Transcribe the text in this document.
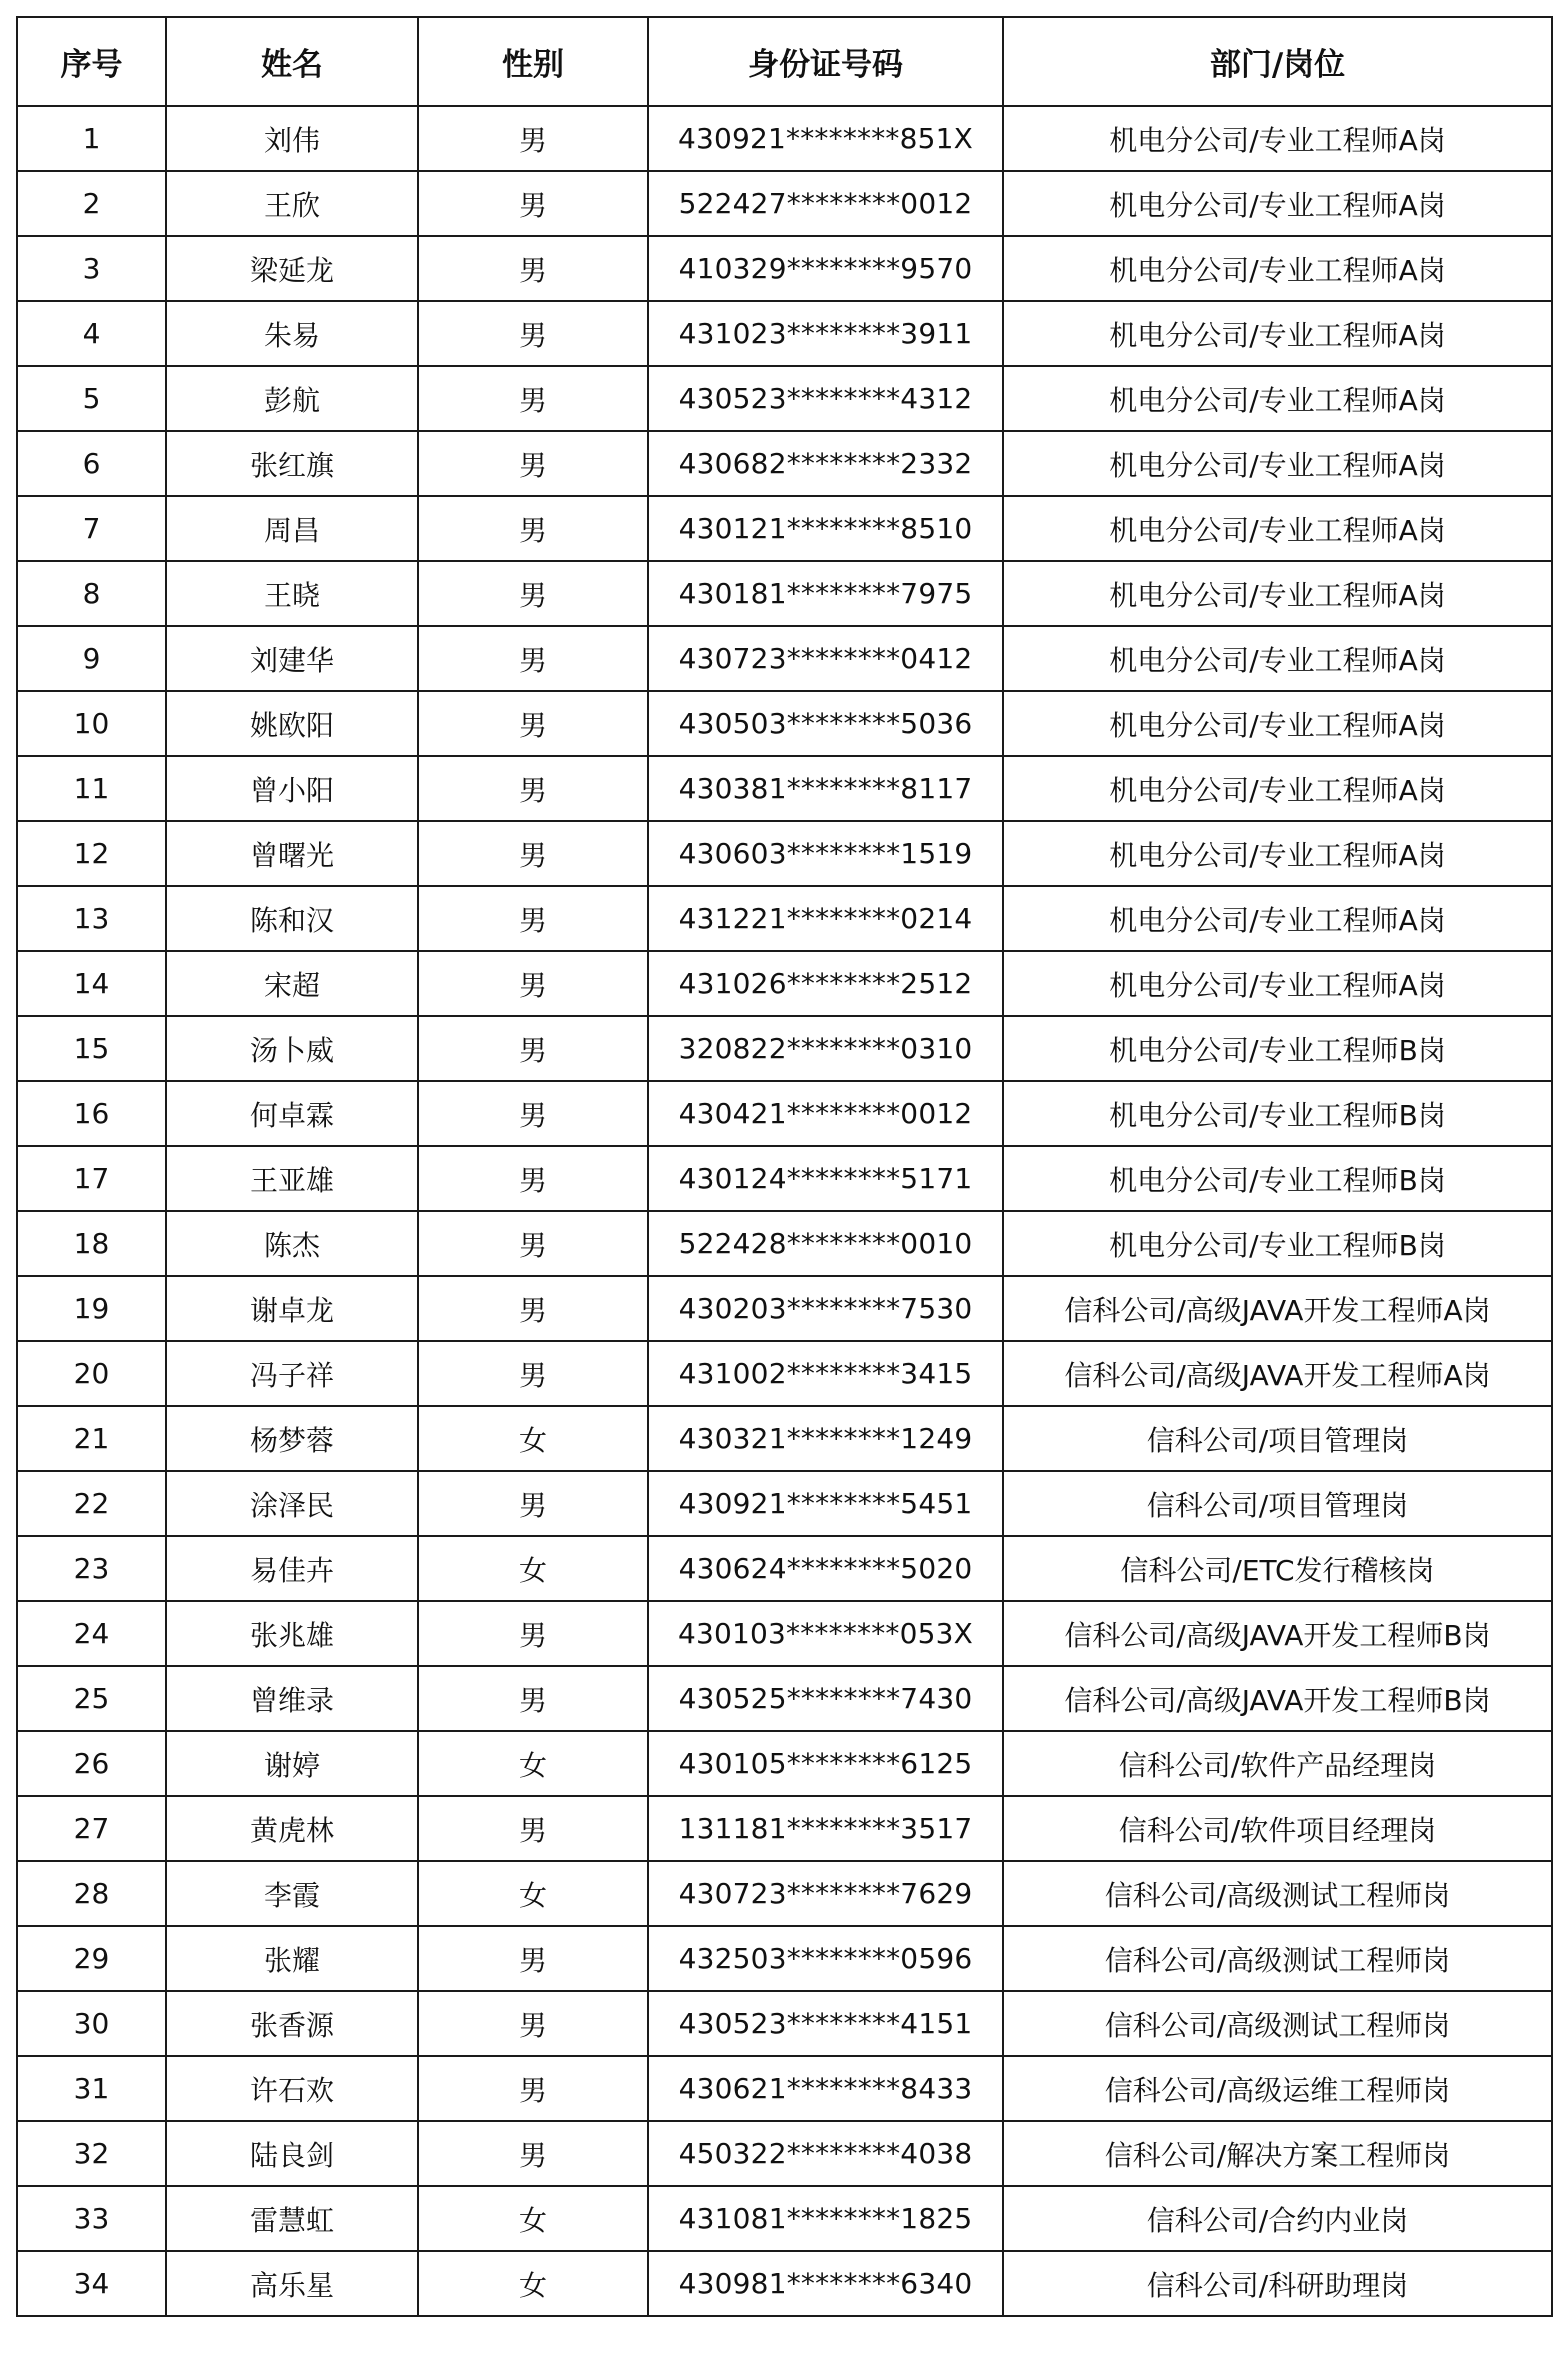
序号	姓名	性别	身份证号码	部门/岗位
1	刘伟	男	430921********851X	机电分公司/专业工程师A岗
2	王欣	男	522427********0012	机电分公司/专业工程师A岗
3	梁延龙	男	410329********9570	机电分公司/专业工程师A岗
4	朱易	男	431023********3911	机电分公司/专业工程师A岗
5	彭航	男	430523********4312	机电分公司/专业工程师A岗
6	张红旗	男	430682********2332	机电分公司/专业工程师A岗
7	周昌	男	430121********8510	机电分公司/专业工程师A岗
8	王晓	男	430181********7975	机电分公司/专业工程师A岗
9	刘建华	男	430723********0412	机电分公司/专业工程师A岗
10	姚欧阳	男	430503********5036	机电分公司/专业工程师A岗
11	曾小阳	男	430381********8117	机电分公司/专业工程师A岗
12	曾曙光	男	430603********1519	机电分公司/专业工程师A岗
13	陈和汉	男	431221********0214	机电分公司/专业工程师A岗
14	宋超	男	431026********2512	机电分公司/专业工程师A岗
15	汤卜威	男	320822********0310	机电分公司/专业工程师B岗
16	何卓霖	男	430421********0012	机电分公司/专业工程师B岗
17	王亚雄	男	430124********5171	机电分公司/专业工程师B岗
18	陈杰	男	522428********0010	机电分公司/专业工程师B岗
19	谢卓龙	男	430203********7530	信科公司/高级JAVA开发工程师A岗
20	冯子祥	男	431002********3415	信科公司/高级JAVA开发工程师A岗
21	杨梦蓉	女	430321********1249	信科公司/项目管理岗
22	涂泽民	男	430921********5451	信科公司/项目管理岗
23	易佳卉	女	430624********5020	信科公司/ETC发行稽核岗
24	张兆雄	男	430103********053X	信科公司/高级JAVA开发工程师B岗
25	曾维录	男	430525********7430	信科公司/高级JAVA开发工程师B岗
26	谢婷	女	430105********6125	信科公司/软件产品经理岗
27	黄虎林	男	131181********3517	信科公司/软件项目经理岗
28	李霞	女	430723********7629	信科公司/高级测试工程师岗
29	张耀	男	432503********0596	信科公司/高级测试工程师岗
30	张香源	男	430523********4151	信科公司/高级测试工程师岗
31	许石欢	男	430621********8433	信科公司/高级运维工程师岗
32	陆良剑	男	450322********4038	信科公司/解决方案工程师岗
33	雷慧虹	女	431081********1825	信科公司/合约内业岗
34	高乐星	女	430981********6340	信科公司/科研助理岗
